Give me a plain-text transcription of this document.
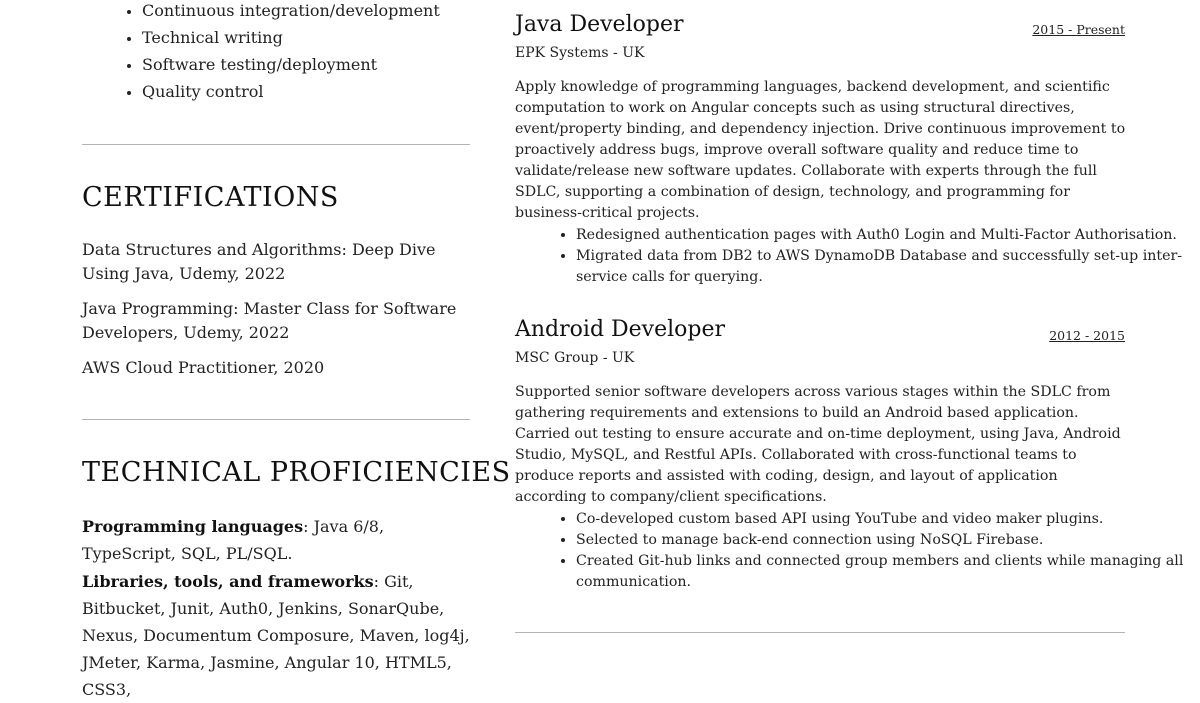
• Continuous integration/development
• Technical writing
• Software testing/deployment
• Quality control
CERTIFICATIONS

Data Structures and Algorithms: Deep Dive Using Java, Udemy, 2022

Java Programming: Master Class for Software Developers, Udemy, 2022

AWS Cloud Practitioner, 2020

TECHNICAL PROFICIENCIES

Programming languages: Java 6/8, TypeScript, SQL, PL/SQL.

Libraries, tools, and frameworks: Git, Bitbucket, Junit, Auth0, Jenkins, SonarQube, Nexus, Documentum Composure, Maven, log4j, JMeter, Karma, Jasmine, Angular 10, HTML5, CSS3,

Java Developer	2015 - Present
EPK Systems - UK

Apply knowledge of programming languages, backend development, and scientific computation to work on Angular concepts such as using structural directives, event/property binding, and dependency injection. Drive continuous improvement to proactively address bugs, improve overall software quality and reduce time to validate/release new software updates. Collaborate with experts through the full SDLC, supporting a combination of design, technology, and programming for business-critical projects.

• Redesigned authentication pages with Auth0 Login and Multi-Factor Authorisation.
• Migrated data from DB2 to AWS DynamoDB Database and successfully set-up inter-service calls for querying.
Android Developer	2012 - 2015
MSC Group - UK

Supported senior software developers across various stages within the SDLC from gathering requirements and extensions to build an Android based application. Carried out testing to ensure accurate and on-time deployment, using Java, Android Studio, MySQL, and Restful APIs. Collaborated with cross-functional teams to produce reports and assisted with coding, design, and layout of application according to company/client specifications.

• Co-developed custom based API using YouTube and video maker plugins.
• Selected to manage back-end connection using NoSQL Firebase.
• Created Git-hub links and connected group members and clients while managing all communication.
